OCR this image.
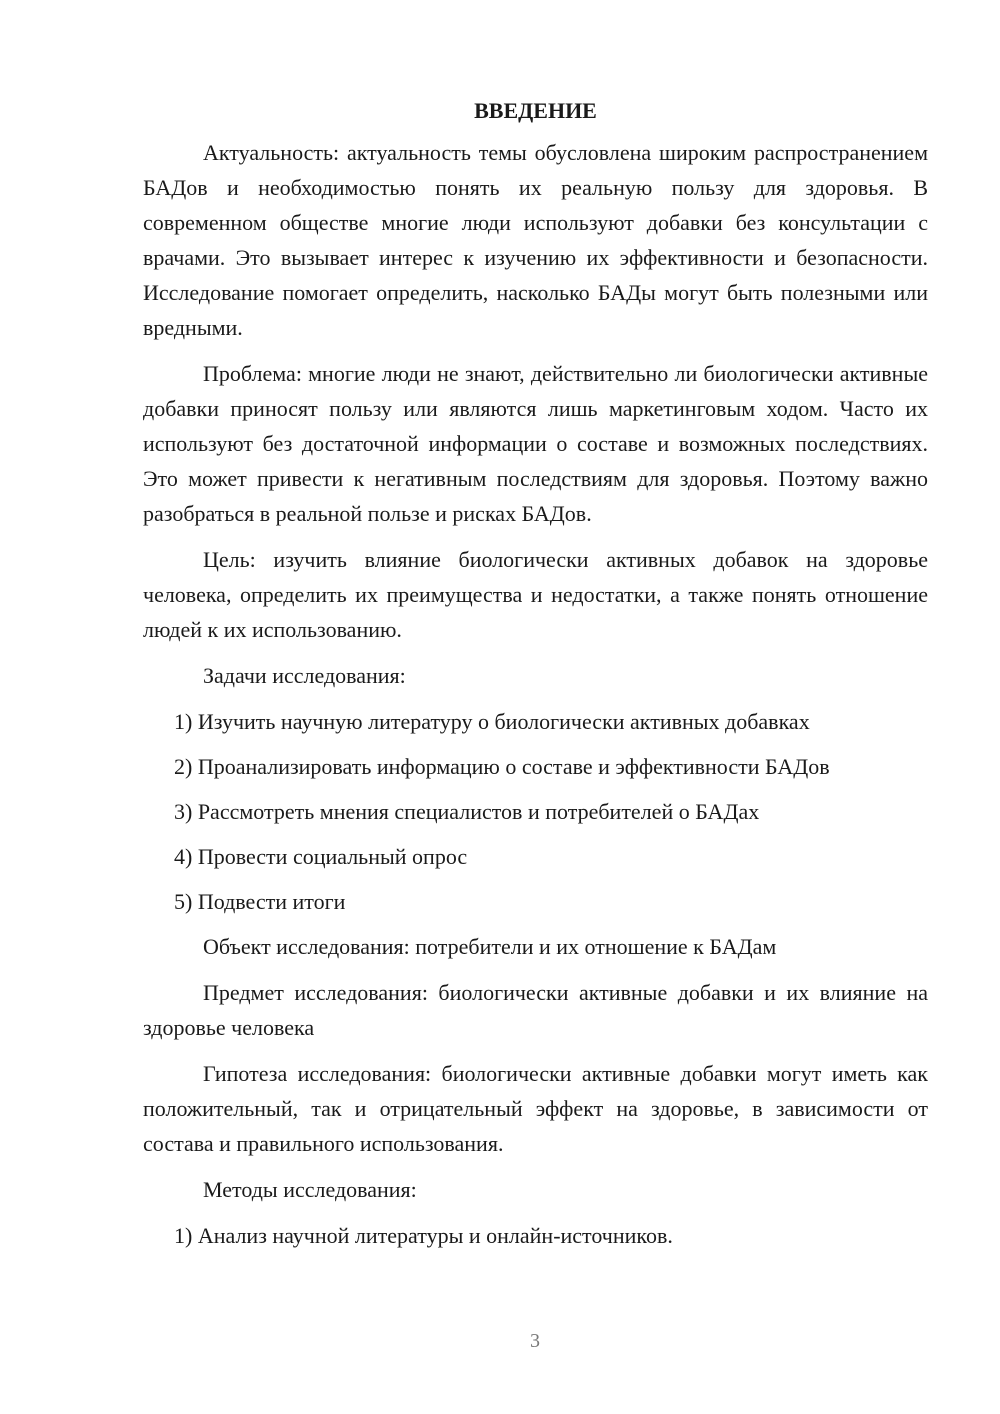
ВВЕДЕНИЕ

Актуальность: актуальность темы обусловлена широким распространением БАДов и необходимостью понять их реальную пользу для здоровья. В современном обществе многие люди используют добавки без консультации с врачами. Это вызывает интерес к изучению их эффективности и безопасности. Исследование помогает определить, насколько БАДы могут быть полезными или вредными.

Проблема: многие люди не знают, действительно ли биологически активные добавки приносят пользу или являются лишь маркетинговым ходом. Часто их используют без достаточной информации о составе и возможных последствиях. Это может привести к негативным последствиям для здоровья. Поэтому важно разобраться в реальной пользе и рисках БАДов.

Цель: изучить влияние биологически активных добавок на здоровье человека, определить их преимущества и недостатки, а также понять отношение людей к их использованию.

Задачи исследования:

1) Изучить научную литературу о биологически активных добавках

2) Проанализировать информацию о составе и эффективности БАДов

3) Рассмотреть мнения специалистов и потребителей о БАДах

4) Провести социальный опрос

5) Подвести итоги

Объект исследования: потребители и их отношение к БАДам

Предмет исследования: биологически активные добавки и их влияние на здоровье человека

Гипотеза исследования: биологически активные добавки могут иметь как положительный, так и отрицательный эффект на здоровье, в зависимости от состава и правильного использования.

Методы исследования:

1) Анализ научной литературы и онлайн-источников.

3
